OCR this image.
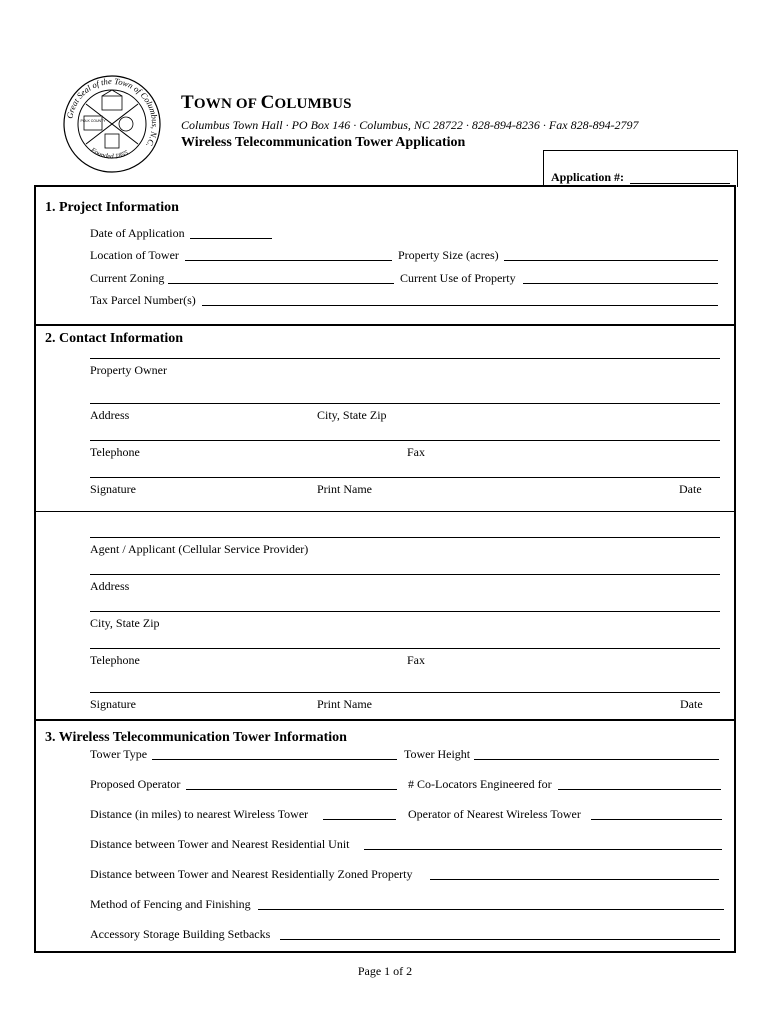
Great Seal of the Town of Columbus, N.C.
Founded 1855
POLK COUNTY
TOWN OF COLUMBUS
Columbus Town Hall · PO Box 146 · Columbus, NC 28722 · 828-894-8236 · Fax 828-894-2797
Wireless Telecommunication Tower Application
Application #:
1. Project Information
Date of Application
Location of Tower	Property Size (acres)
Current Zoning	Current Use of Property
Tax Parcel Number(s)
2. Contact Information
Property Owner
Address	City, State Zip
Telephone	Fax
Signature	Print Name	Date
Agent / Applicant (Cellular Service Provider)
Address
City, State Zip
Telephone	Fax
Signature	Print Name	Date
3. Wireless Telecommunication Tower Information
Tower Type	Tower Height
Proposed Operator	# Co-Locators Engineered for
Distance (in miles) to nearest Wireless Tower	Operator of Nearest Wireless Tower
Distance between Tower and Nearest Residential Unit
Distance between Tower and Nearest Residentially Zoned Property
Method of Fencing and Finishing
Accessory Storage Building Setbacks
Page 1 of 2
